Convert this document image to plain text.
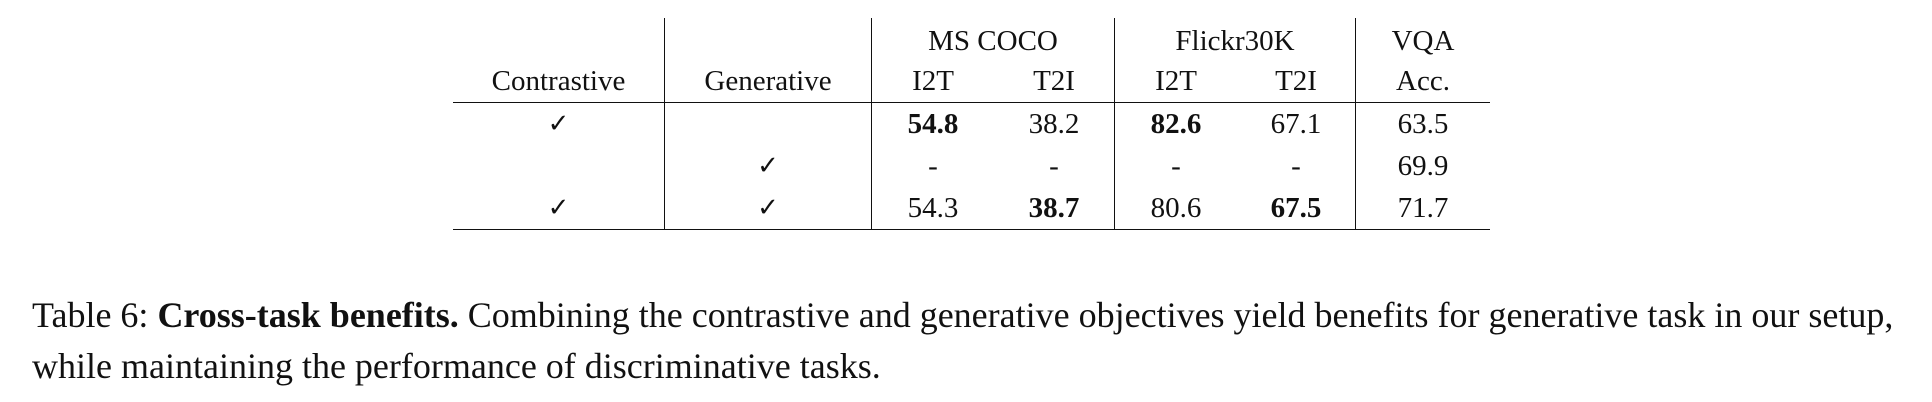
		MS COCO		Flickr30K		VQA
Contrastive	Generative	I2T	T2I	I2T	T2I	Acc.
✓		54.8	38.2	82.6	67.1	63.5
	✓	-	-	-	-	69.9
✓	✓	54.3	38.7	80.6	67.5	71.7
Table 6: Cross-task benefits. Combining the contrastive and generative objectives yield benefits for generative task in our setup, while maintaining the performance of discriminative tasks.
